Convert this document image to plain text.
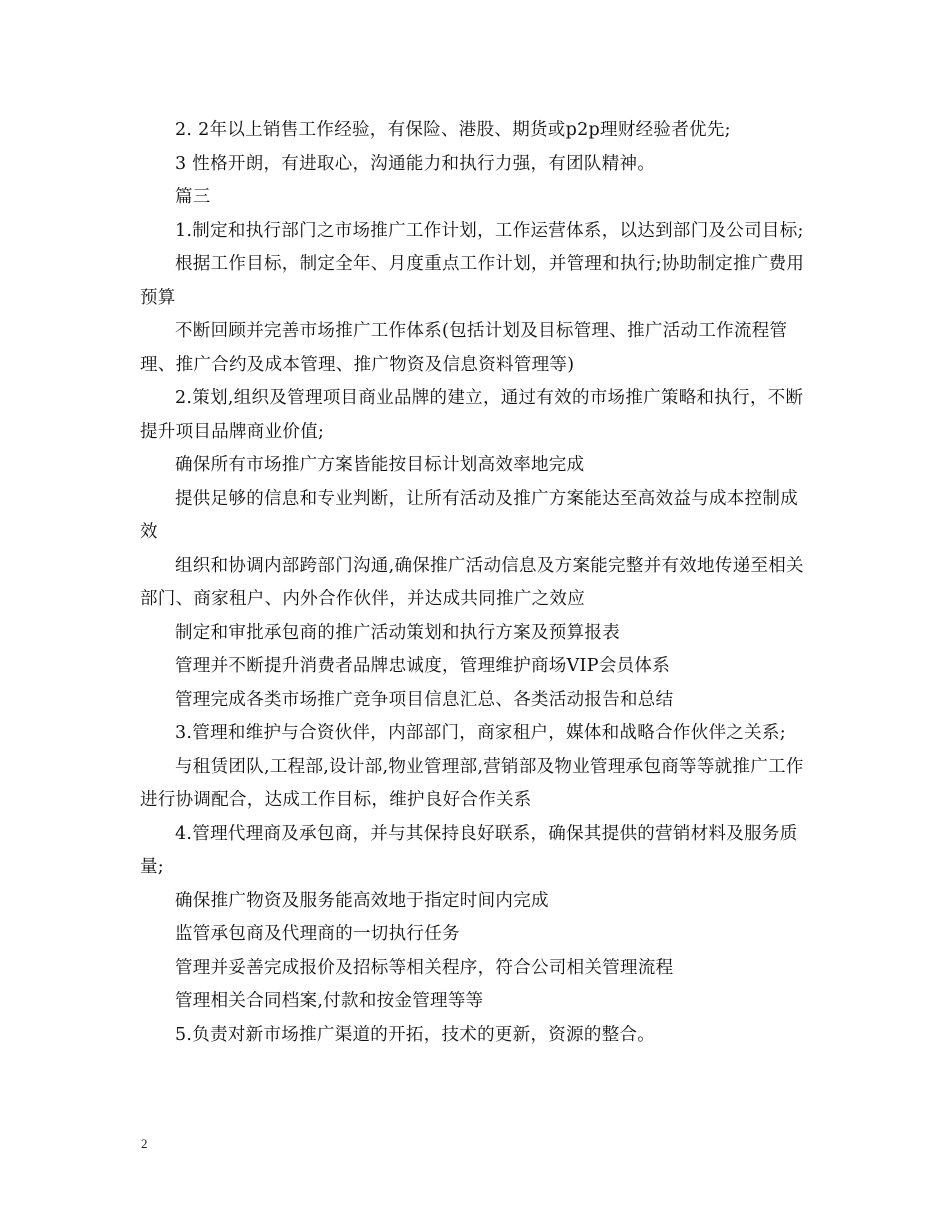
2. 2年以上销售工作经验，有保险、港股、期货或p2p理财经验者优先;

3 性格开朗，有进取心，沟通能力和执行力强，有团队精神。

篇三

1.制定和执行部门之市场推广工作计划，工作运营体系，以达到部门及公司目标;

根据工作目标，制定全年、月度重点工作计划，并管理和执行;协助制定推广费用预算

不断回顾并完善市场推广工作体系(包括计划及目标管理、推广活动工作流程管理、推广合约及成本管理、推广物资及信息资料管理等)

2.策划,组织及管理项目商业品牌的建立，通过有效的市场推广策略和执行，不断提升项目品牌商业价值;

确保所有市场推广方案皆能按目标计划高效率地完成

提供足够的信息和专业判断，让所有活动及推广方案能达至高效益与成本控制成效

组织和协调内部跨部门沟通,确保推广活动信息及方案能完整并有效地传递至相关部门、商家租户、内外合作伙伴，并达成共同推广之效应

制定和审批承包商的推广活动策划和执行方案及预算报表

管理并不断提升消费者品牌忠诚度，管理维护商场VIP会员体系

管理完成各类市场推广竞争项目信息汇总、各类活动报告和总结

3.管理和维护与合资伙伴，内部部门，商家租户，媒体和战略合作伙伴之关系;

与租赁团队,工程部,设计部,物业管理部,营销部及物业管理承包商等等就推广工作进行协调配合，达成工作目标，维护良好合作关系

4.管理代理商及承包商，并与其保持良好联系，确保其提供的营销材料及服务质量;

确保推广物资及服务能高效地于指定时间内完成

监管承包商及代理商的一切执行任务

管理并妥善完成报价及招标等相关程序，符合公司相关管理流程

管理相关合同档案,付款和按金管理等等

5.负责对新市场推广渠道的开拓，技术的更新，资源的整合。

2
